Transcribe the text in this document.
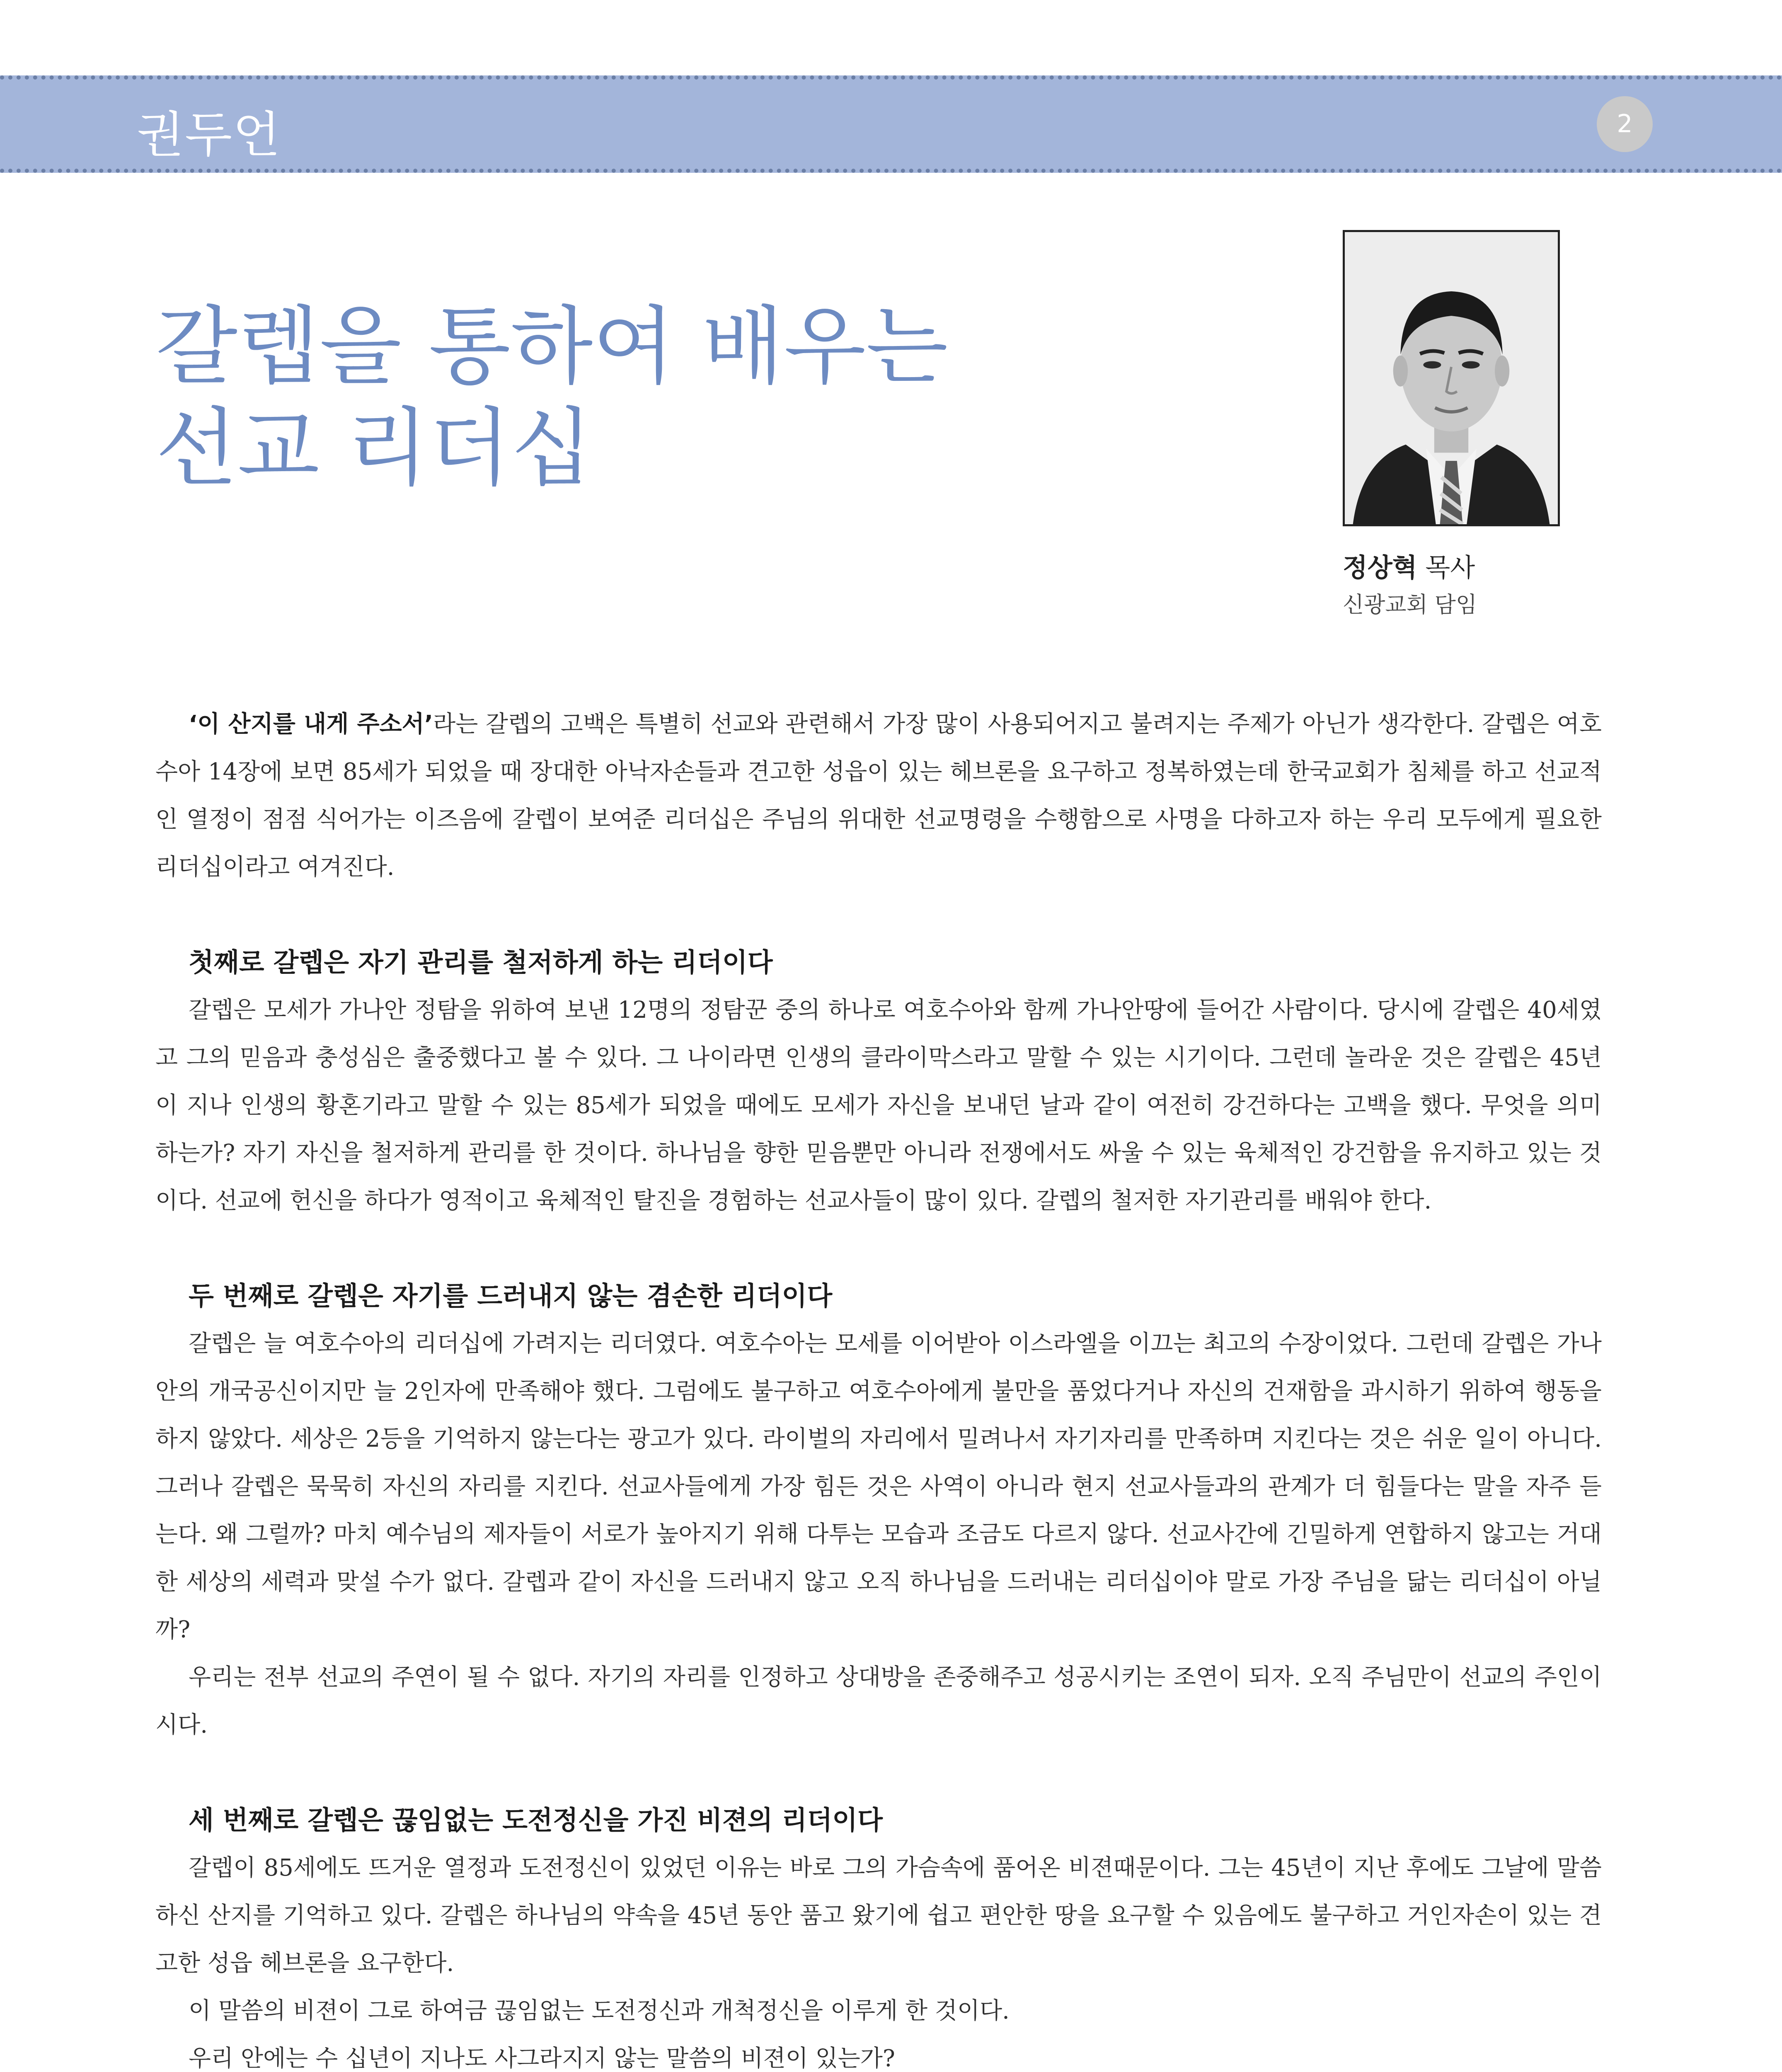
권두언	2
갈렙을 통하여 배우는
선교 리더십
정상혁 목사
신광교회 담임

‘이 산지를 내게 주소서’라는 갈렙의 고백은 특별히 선교와 관련해서 가장 많이 사용되어지고 불려지는 주제가 아닌가 생각한다. 갈렙은 여호수아 14장에 보면 85세가 되었을 때 장대한 아낙자손들과 견고한 성읍이 있는 헤브론을 요구하고 정복하였는데 한국교회가 침체를 하고 선교적인 열정이 점점 식어가는 이즈음에 갈렙이 보여준 리더십은 주님의 위대한 선교명령을 수행함으로 사명을 다하고자 하는 우리 모두에게 필요한 리더십이라고 여겨진다.

첫째로 갈렙은 자기 관리를 철저하게 하는 리더이다

갈렙은 모세가 가나안 정탐을 위하여 보낸 12명의 정탐꾼 중의 하나로 여호수아와 함께 가나안땅에 들어간 사람이다. 당시에 갈렙은 40세였고 그의 믿음과 충성심은 출중했다고 볼 수 있다. 그 나이라면 인생의 클라이막스라고 말할 수 있는 시기이다. 그런데 놀라운 것은 갈렙은 45년이 지나 인생의 황혼기라고 말할 수 있는 85세가 되었을 때에도 모세가 자신을 보내던 날과 같이 여전히 강건하다는 고백을 했다. 무엇을 의미 하는가? 자기 자신을 철저하게 관리를 한 것이다. 하나님을 향한 믿음뿐만 아니라 전쟁에서도 싸울 수 있는 육체적인 강건함을 유지하고 있는 것이다. 선교에 헌신을 하다가 영적이고 육체적인 탈진을 경험하는 선교사들이 많이 있다. 갈렙의 철저한 자기관리를 배워야 한다.

두 번째로 갈렙은 자기를 드러내지 않는 겸손한 리더이다

갈렙은 늘 여호수아의 리더십에 가려지는 리더였다. 여호수아는 모세를 이어받아 이스라엘을 이끄는 최고의 수장이었다. 그런데 갈렙은 가나안의 개국공신이지만 늘 2인자에 만족해야 했다. 그럼에도 불구하고 여호수아에게 불만을 품었다거나 자신의 건재함을 과시하기 위하여 행동을 하지 않았다. 세상은 2등을 기억하지 않는다는 광고가 있다. 라이벌의 자리에서 밀려나서 자기자리를 만족하며 지킨다는 것은 쉬운 일이 아니다. 그러나 갈렙은 묵묵히 자신의 자리를 지킨다. 선교사들에게 가장 힘든 것은 사역이 아니라 현지 선교사들과의 관계가 더 힘들다는 말을 자주 듣는다. 왜 그럴까? 마치 예수님의 제자들이 서로가 높아지기 위해 다투는 모습과 조금도 다르지 않다. 선교사간에 긴밀하게 연합하지 않고는 거대한 세상의 세력과 맞설 수가 없다. 갈렙과 같이 자신을 드러내지 않고 오직 하나님을 드러내는 리더십이야 말로 가장 주님을 닮는 리더십이 아닐까?

우리는 전부 선교의 주연이 될 수 없다. 자기의 자리를 인정하고 상대방을 존중해주고 성공시키는 조연이 되자. 오직 주님만이 선교의 주인이시다.

세 번째로 갈렙은 끊임없는 도전정신을 가진 비젼의 리더이다

갈렙이 85세에도 뜨거운 열정과 도전정신이 있었던 이유는 바로 그의 가슴속에 품어온 비젼때문이다. 그는 45년이 지난 후에도 그날에 말씀하신 산지를 기억하고 있다. 갈렙은 하나님의 약속을 45년 동안 품고 왔기에 쉽고 편안한 땅을 요구할 수 있음에도 불구하고 거인자손이 있는 견고한 성읍 헤브론을 요구한다.

이 말씀의 비젼이 그로 하여금 끊임없는 도전정신과 개척정신을 이루게 한 것이다.

우리 안에는 수 십년이 지나도 사그라지지 않는 말씀의 비젼이 있는가?
